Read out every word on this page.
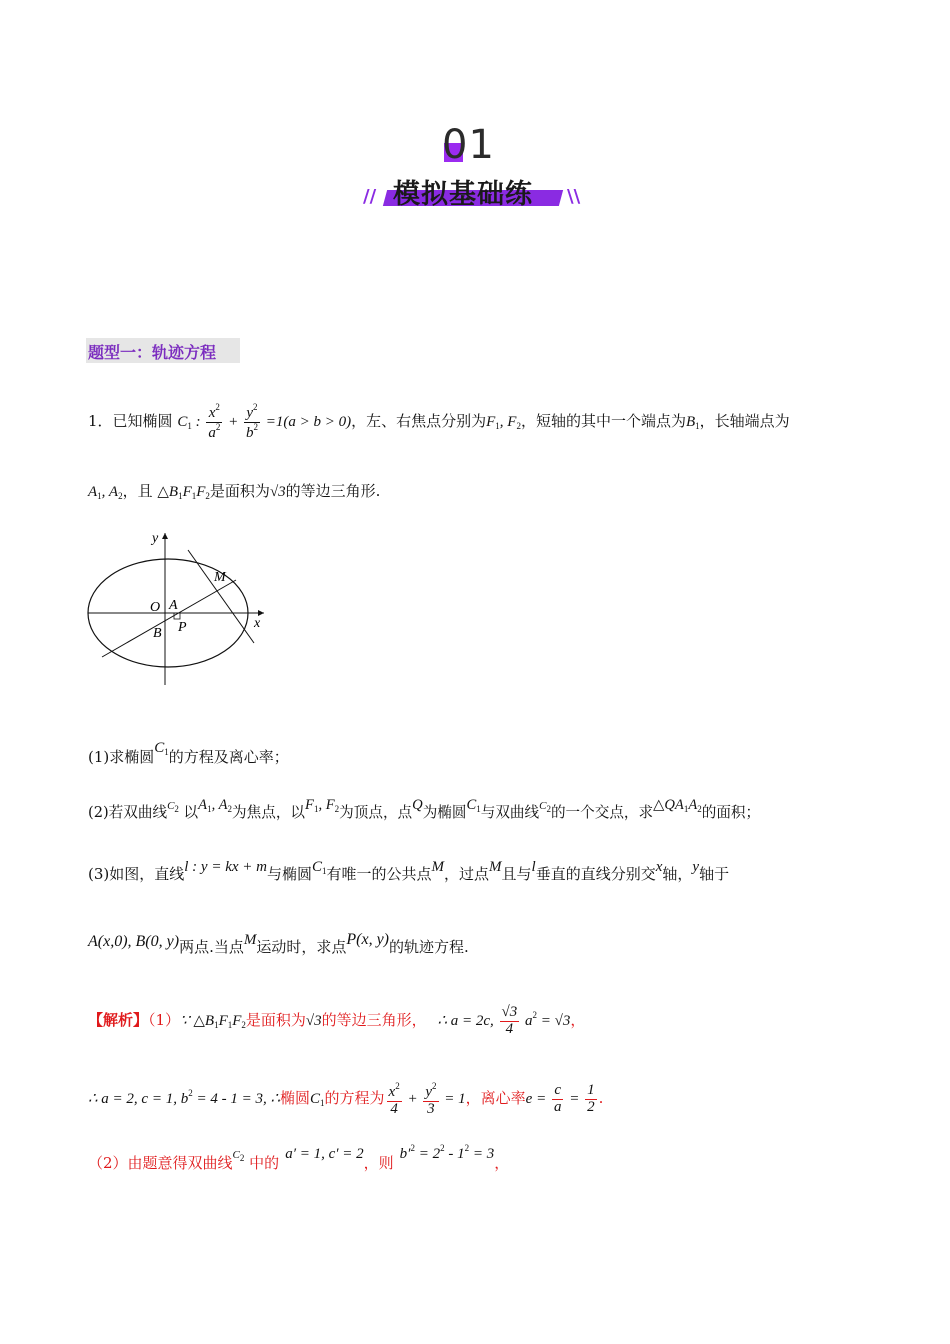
01
模拟基础练
//	\\
题型一：轨迹方程
1．已知椭圆 $C_1$ : $\frac{x^2}{a^2} + \frac{y^2}{b^2} =1(a > b > 0)$，左、右焦点分别为$F_1$, $F_2$，短轴的其中一个端点为$B_1$，长轴端点为
$A_1$, $A_2$，且 $\triangle B_1F_1F_2$是面积为√3的等边三角形.
y
x
O A
B P
M
(1)求椭圆$C_1$的方程及离心率；
(2)若双曲线$^{C_2}$ 以$A_1$, $A_2$为焦点，以$F_1$, $F_2$为顶点，点Q为椭圆$C_1$与双曲线$^{C_2}$的一个交点，求$\triangle QA_1A_2$的面积；
(3)如图，直线l : y = kx + m与椭圆$C_1$有唯一的公共点M，过点M且与l垂直的直线分别交x轴，y轴于
A(x,0), B(0, y)两点.当点M运动时，求点P(x, y)的轨迹方程.
【解析】（1）∵ $\triangle B_1F_1F_2$是面积为√3的等边三角形， ∴ a = 2c, $\frac{√3}{4} a^2 = √3$，
∴ a = 2, c = 1, $b^2 = 4 - 1 = 3$, ∴椭圆$C_1$的方程为 $\frac{x^2}{4} + \frac{y^2}{3} = 1$，离心率$e = \frac{c}{a} = \frac{1}{2}$ .
（2）由题意得双曲线$^{C_2}$ 中的 a′ = 1, c′ = 2，则 $b'^2 = 2^2 - 1^2 = 3$，
